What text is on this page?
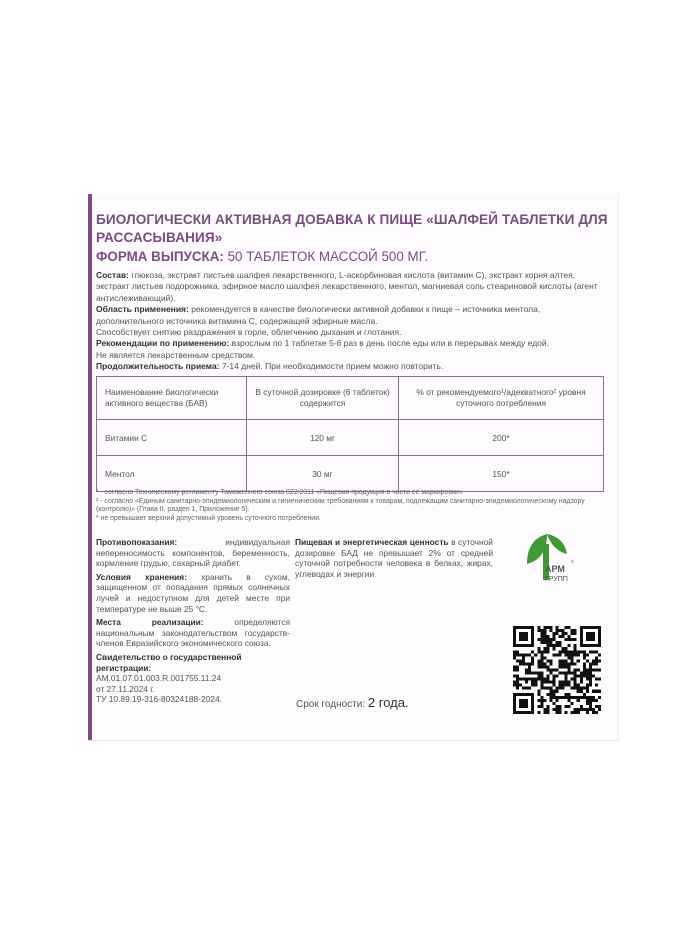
БИОЛОГИЧЕСКИ АКТИВНАЯ ДОБАВКА К ПИЩЕ «ШАЛФЕЙ ТАБЛЕТКИ ДЛЯ РАССАСЫВАНИЯ»
ФОРМА ВЫПУСКА: 50 ТАБЛЕТОК МАССОЙ 500 МГ.

Состав: глюкоза, экстракт листьев шалфея лекарственного, L-аскорбиновая кислота (витамин С), экстракт корня алтея, экстракт листьев подорожника, эфирное масло шалфея лекарственного, ментол, магниевая соль стеариновой кислоты (агент антислеживающий).

Область применения: рекомендуется в качестве биологически активной добавки к пище – источника ментола, дополнительного источника витамина С, содержащей эфирные масла.

Способствует снятию раздражения в горле, облегчению дыхания и глотания.

Рекомендации по применению: взрослым по 1 таблетке 5-6 раз в день после еды или в перерывах между едой.

Не является лекарственным средством.

Продолжительность приема: 7-14 дней. При необходимости прием можно повторить.

Наименование биологически активного вещества (БАВ)	В суточной дозировке (6 таблеток) содержится	% от рекомендуемого¹/адекватного² уровня суточного потребления
Витамин С	120 мг	200*
Ментол	30 мг	150*

¹ - согласно Техническому регламенту Таможенного союза 022/2011 «Пищевая продукция в части ее маркировки»

² - согласно «Единым санитарно-эпидемиологическим и гигиеническим требованиям к товарам, подлежащим санитарно-эпидемиологическому надзору (контролю)» (Глава II, раздел 1, Приложение 5).

* не превышает верхний допустимый уровень суточного потребления.

Противопоказания: индивидуальная непереносимость компонентов, беременность, кормление грудью, сахарный диабет.

Условия хранения: хранить в сухом, защищенном от попадания прямых солнечных лучей и недоступном для детей месте при температуре не выше 25 °С.

Места реализации: определяются национальным законодательством государств-членов Евразийского экономического союза.

Свидетельство о государственной регистрации:
AM.01.07.01.003.R.001755.11.24
от 27.11.2024 г.
ТУ 10.89.19-316-80324188-2024.

Пищевая и энергетическая ценность в суточной дозировке БАД не превышает 2% от средней суточной потребности человека в белках, жирах, углеводах и энергии
Срок годности: 2 года.
®
АРМ
ГРУПП
